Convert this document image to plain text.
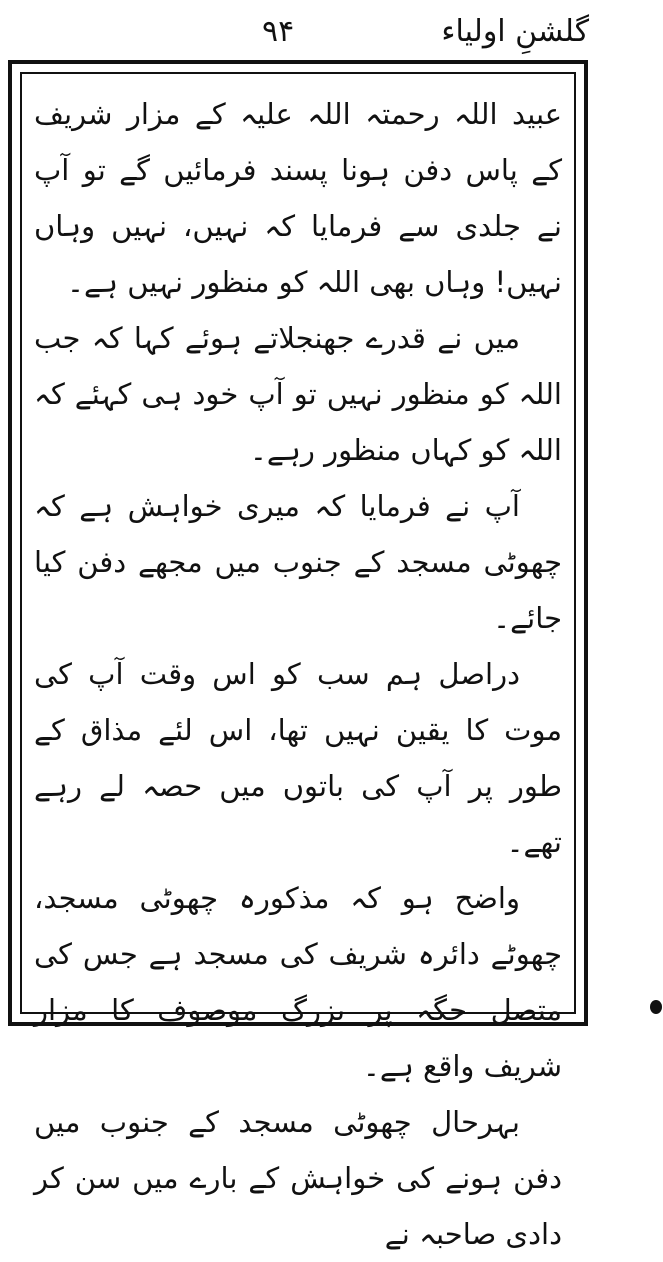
گلشنِ اولیاء
۹۴

عبید اللہ رحمتہ اللہ علیہ کے مزار شریف کے پاس دفن ہونا پسند فرمائیں گے تو آپ نے جلدی سے فرمایا کہ نہیں، نہیں وہاں نہیں! وہاں بھی اللہ کو منظور نہیں ہے۔

میں نے قدرے جھنجلاتے ہوئے کہا کہ جب اللہ کو منظور نہیں تو آپ خود ہی کہئے کہ اللہ کو کہاں منظور رہے۔

آپ نے فرمایا کہ میری خواہش ہے کہ چھوٹی مسجد کے جنوب میں مجھے دفن کیا جائے۔

دراصل ہم سب کو اس وقت آپ کی موت کا یقین نہیں تھا، اس لئے مذاق کے طور پر آپ کی باتوں میں حصہ لے رہے تھے۔

واضح ہو کہ مذکورہ چھوٹی مسجد، چھوٹے دائرہ شریف کی مسجد ہے جس کی متصل جگہ پر بزرگ موصوف کا مزار شریف واقع ہے۔

بہرحال چھوٹی مسجد کے جنوب میں دفن ہونے کی خواہش کے بارے میں سن کر دادی صاحبہ نے
